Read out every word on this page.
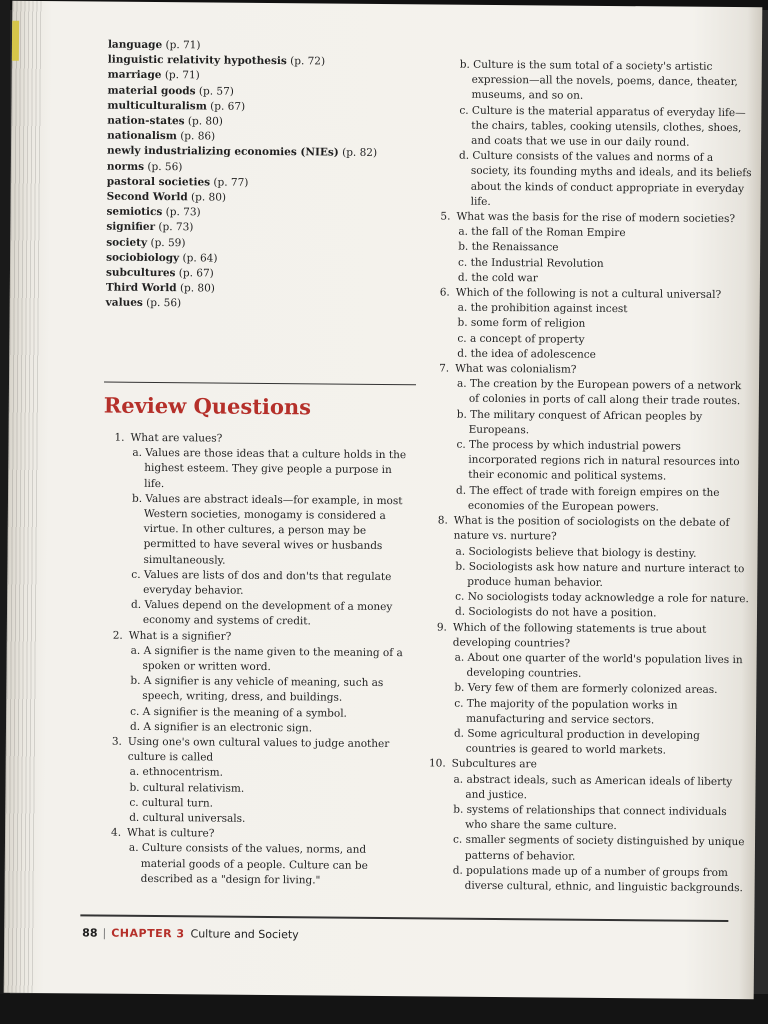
language (p. 71)
linguistic relativity hypothesis (p. 72)
marriage (p. 71)
material goods (p. 57)
multiculturalism (p. 67)
nation-states (p. 80)
nationalism (p. 86)
newly industrializing economies (NIEs) (p. 82)
norms (p. 56)
pastoral societies (p. 77)
Second World (p. 80)
semiotics (p. 73)
signifier (p. 73)
society (p. 59)
sociobiology (p. 64)
subcultures (p. 67)
Third World (p. 80)
values (p. 56)
Review Questions
1. What are values?
a. Values are those ideas that a culture holds in the highest esteem. They give people a purpose in life.
b. Values are abstract ideals—for example, in most Western societies, monogamy is considered a virtue. In other cultures, a person may be permitted to have several wives or husbands simultaneously.
c. Values are lists of dos and don'ts that regulate everyday behavior.
d. Values depend on the development of a money economy and systems of credit.
2. What is a signifier?
a. A signifier is the name given to the meaning of a spoken or written word.
b. A signifier is any vehicle of meaning, such as speech, writing, dress, and buildings.
c. A signifier is the meaning of a symbol.
d. A signifier is an electronic sign.
3. Using one's own cultural values to judge another culture is called
a. ethnocentrism.
b. cultural relativism.
c. cultural turn.
d. cultural universals.
4. What is culture?
a. Culture consists of the values, norms, and material goods of a people. Culture can be described as a "design for living."
b. Culture is the sum total of a society's artistic expression—all the novels, poems, dance, theater, museums, and so on.
c. Culture is the material apparatus of everyday life—the chairs, tables, cooking utensils, clothes, shoes, and coats that we use in our daily round.
d. Culture consists of the values and norms of a society, its founding myths and ideals, and its beliefs about the kinds of conduct appropriate in everyday life.
5. What was the basis for the rise of modern societies?
a. the fall of the Roman Empire
b. the Renaissance
c. the Industrial Revolution
d. the cold war
6. Which of the following is not a cultural universal?
a. the prohibition against incest
b. some form of religion
c. a concept of property
d. the idea of adolescence
7. What was colonialism?
a. The creation by the European powers of a network of colonies in ports of call along their trade routes.
b. The military conquest of African peoples by Europeans.
c. The process by which industrial powers incorporated regions rich in natural resources into their economic and political systems.
d. The effect of trade with foreign empires on the economies of the European powers.
8. What is the position of sociologists on the debate of nature vs. nurture?
a. Sociologists believe that biology is destiny.
b. Sociologists ask how nature and nurture interact to produce human behavior.
c. No sociologists today acknowledge a role for nature.
d. Sociologists do not have a position.
9. Which of the following statements is true about developing countries?
a. About one quarter of the world's population lives in developing countries.
b. Very few of them are formerly colonized areas.
c. The majority of the population works in manufacturing and service sectors.
d. Some agricultural production in developing countries is geared to world markets.
10. Subcultures are
a. abstract ideals, such as American ideals of liberty and justice.
b. systems of relationships that connect individuals who share the same culture.
c. smaller segments of society distinguished by unique patterns of behavior.
d. populations made up of a number of groups from diverse cultural, ethnic, and linguistic backgrounds.
88 | CHAPTER 3 Culture and Society
